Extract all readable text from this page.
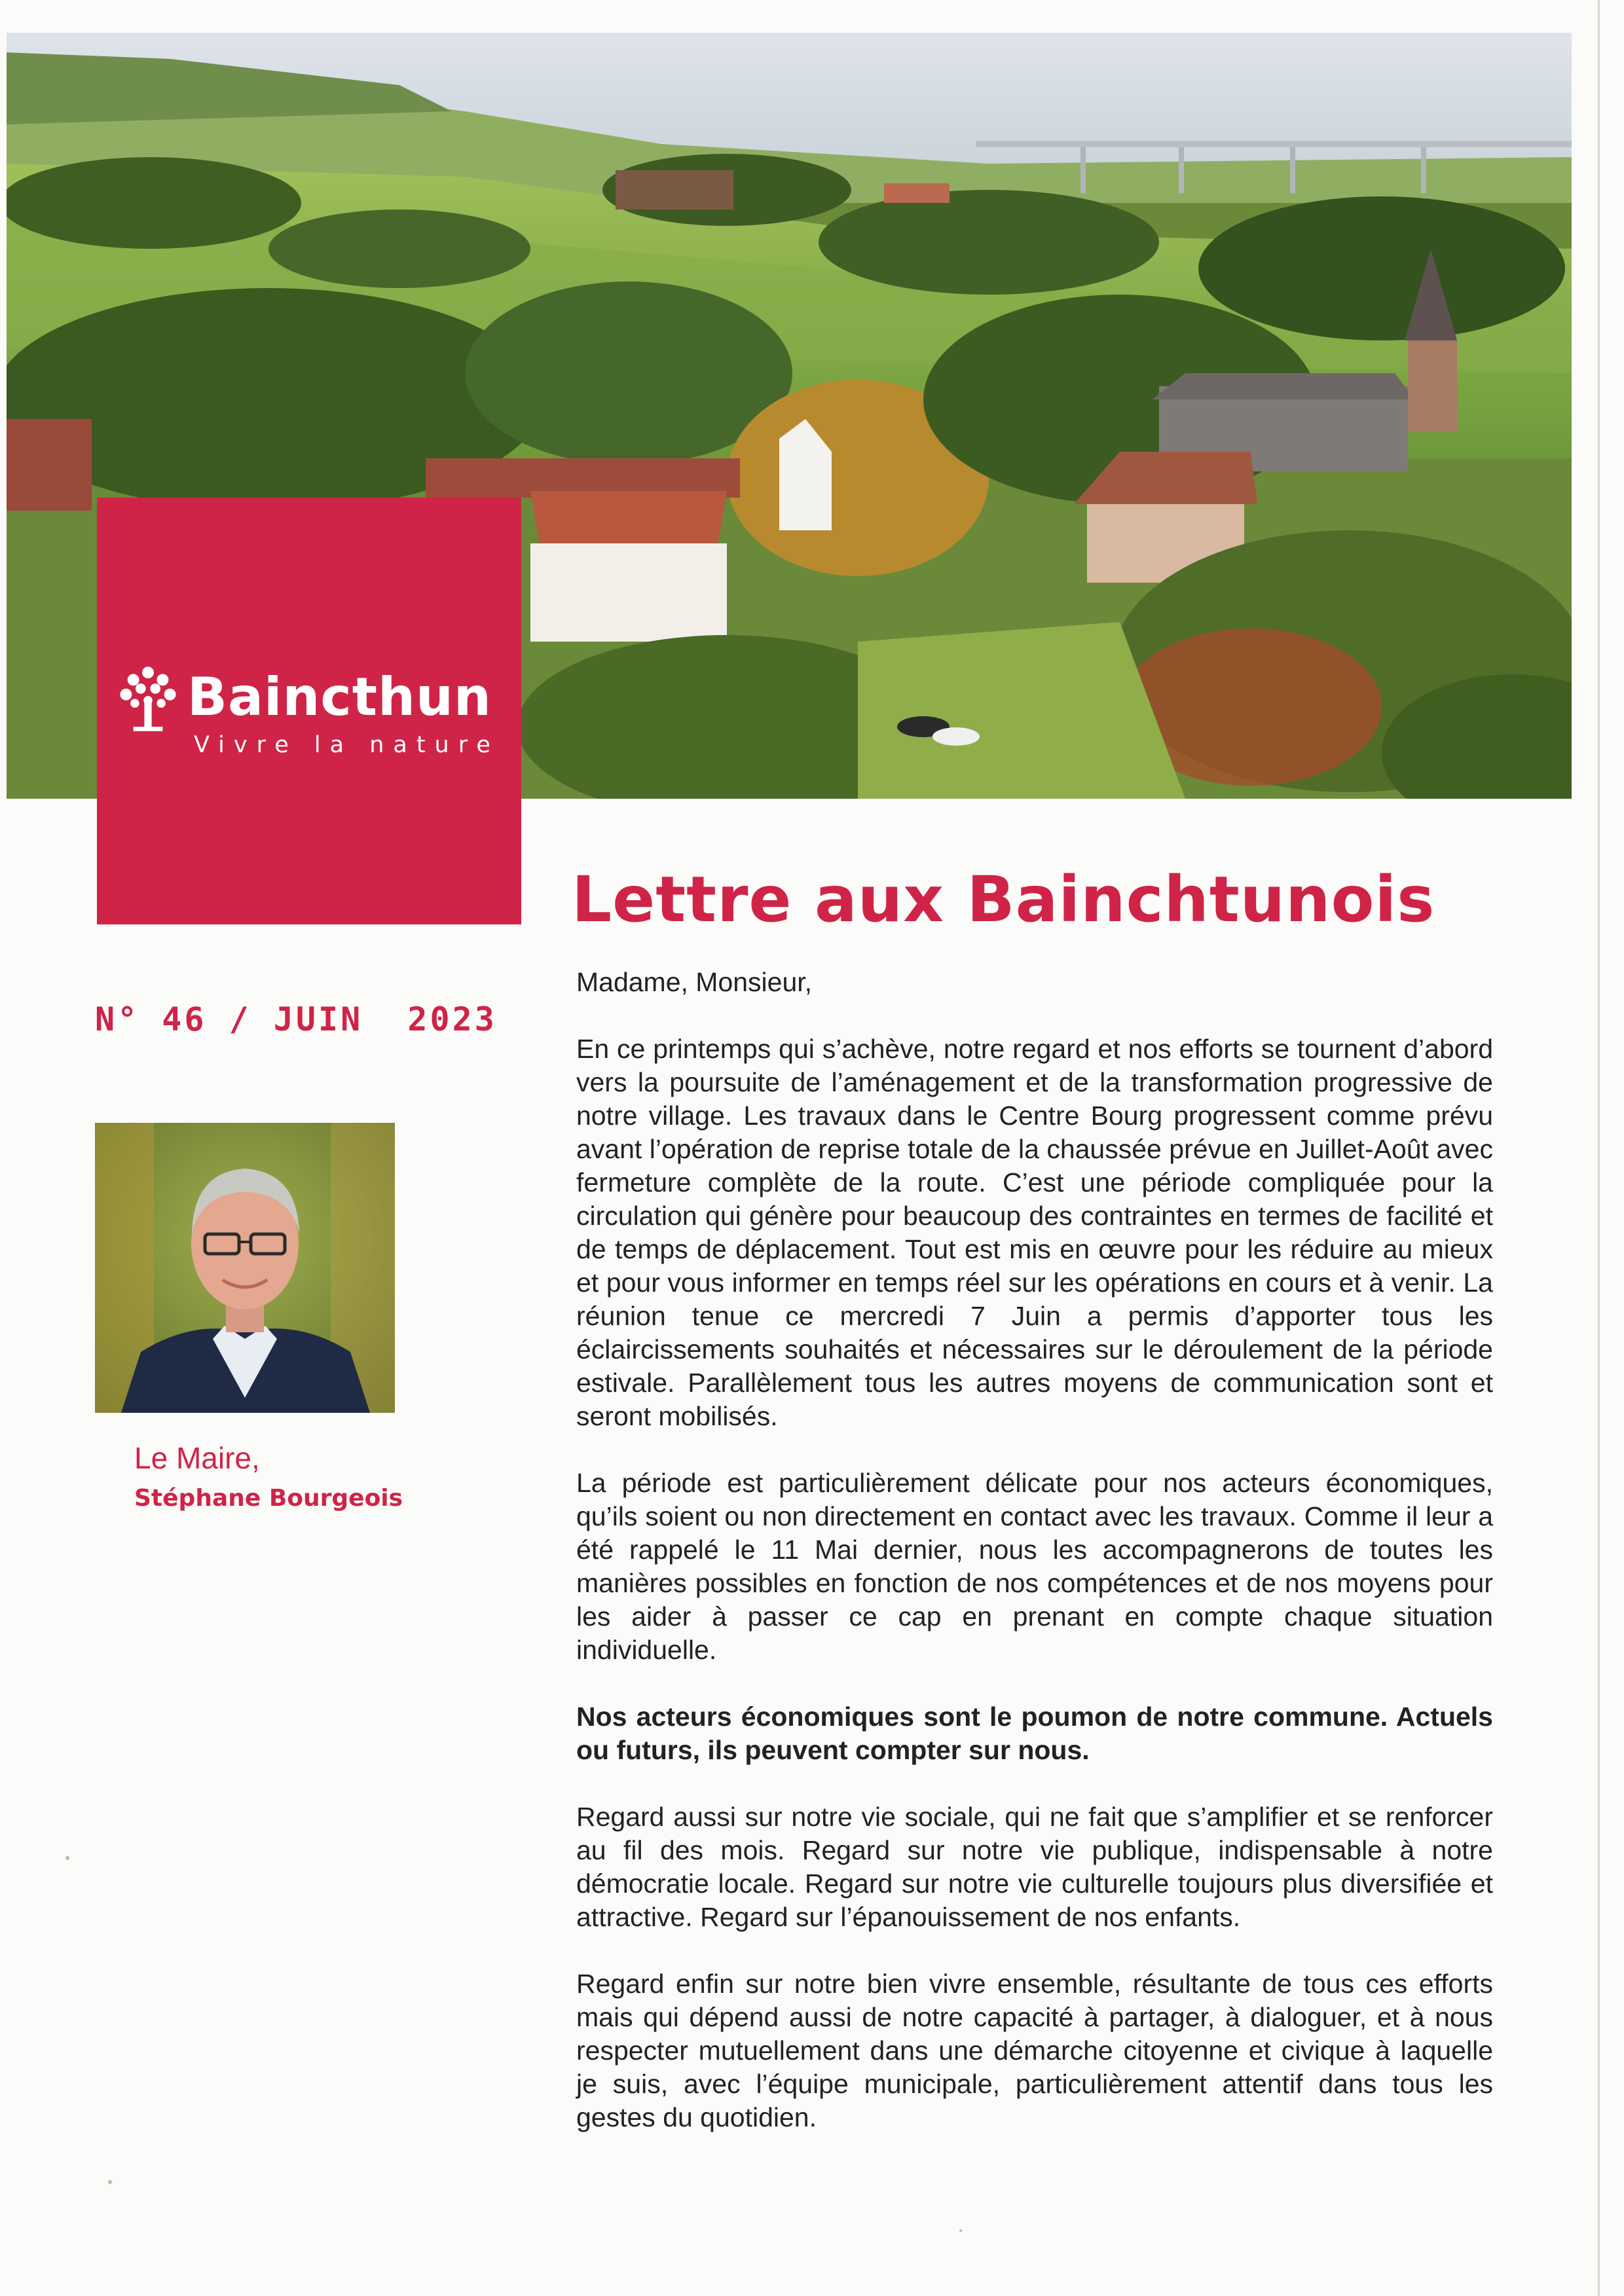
Baincthun
Vivre la nature
N° 46 / JUIN  2023
Le Maire,
Stéphane Bourgeois
Lettre aux Bainchtunois
Madame, Monsieur,

En ce printemps qui s’achève, notre regard et nos efforts se tournent d’abord vers la poursuite de l’aménagement et de la transformation progressive de notre village. Les travaux dans le Centre Bourg progressent comme prévu avant l’opération de reprise totale de la chaussée prévue en Juillet-Août avec fermeture complète de la route. C’est une période compliquée pour la circulation qui génère pour beaucoup des contraintes en termes de facilité et de temps de déplacement. Tout est mis en œuvre pour les réduire au mieux et pour vous informer en temps réel sur les opérations en cours et à venir. La réunion tenue ce mercredi 7 Juin a permis d’apporter tous les éclaircissements souhaités et nécessaires sur le déroulement de la période estivale. Parallèlement tous les autres moyens de communication sont et seront mobilisés.

La période est particulièrement délicate pour nos acteurs économiques, qu’ils soient ou non directement en contact avec les travaux. Comme il leur a été rappelé le 11 Mai dernier, nous les accompagnerons de toutes les manières possibles en fonction de nos compétences et de nos moyens pour les aider à passer ce cap en prenant en compte chaque situation individuelle.

Nos acteurs économiques sont le poumon de notre commune. Actuels ou futurs, ils peuvent compter sur nous.

Regard aussi sur notre vie sociale, qui ne fait que s’amplifier et se renforcer au fil des mois. Regard sur notre vie publique, indispensable à notre démocratie locale. Regard sur notre vie culturelle toujours plus diversifiée et attractive. Regard sur l’épanouissement de nos enfants.

Regard enfin sur notre bien vivre ensemble, résultante de tous ces efforts mais qui dépend aussi de notre capacité à partager, à dialoguer, et à nous respecter mutuellement dans une démarche citoyenne et civique à laquelle je suis, avec l’équipe municipale, particulièrement attentif dans tous les gestes du quotidien.
